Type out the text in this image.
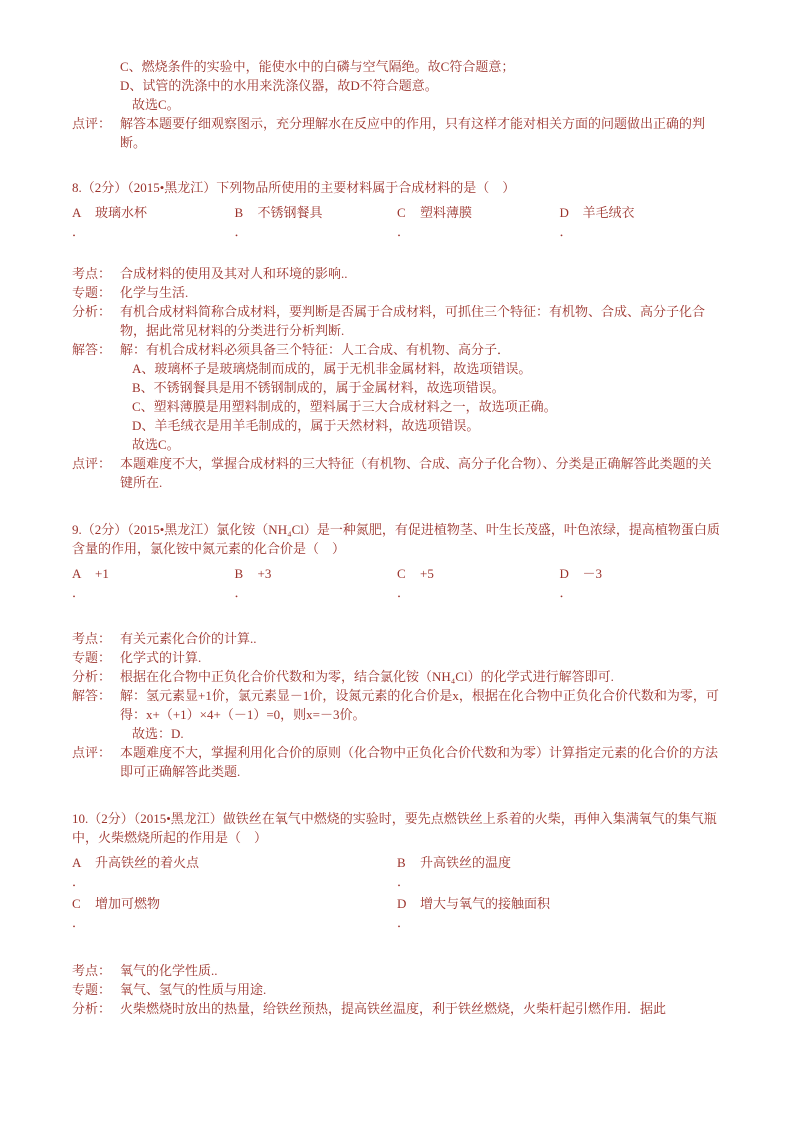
C、燃烧条件的实验中，能使水中的白磷与空气隔绝。故C符合题意；
D、试管的洗涤中的水用来洗涤仪器，故D不符合题意。
故选C。
点评： 解答本题要仔细观察图示，充分理解水在反应中的作用，只有这样才能对相关方面的问题做出正确的判断。
8.（2分）（2015•黑龙江）下列物品所使用的主要材料属于合成材料的是（　）
A 玻璃水杯
．
B 不锈钢餐具
．
C 塑料薄膜
．
D 羊毛绒衣
．
考点： 合成材料的使用及其对人和环境的影响..
专题： 化学与生活.
分析： 有机合成材料简称合成材料，要判断是否属于合成材料，可抓住三个特征：有机物、合成、高分子化合物，据此常见材料的分类进行分析判断.
解答： 解：有机合成材料必须具备三个特征：人工合成、有机物、高分子．
A、玻璃杯子是玻璃烧制而成的，属于无机非金属材料，故选项错误。
B、不锈钢餐具是用不锈钢制成的，属于金属材料，故选项错误。
C、塑料薄膜是用塑料制成的，塑料属于三大合成材料之一，故选项正确。
D、羊毛绒衣是用羊毛制成的，属于天然材料，故选项错误。
故选C。
点评： 本题难度不大，掌握合成材料的三大特征（有机物、合成、高分子化合物）、分类是正确解答此类题的关键所在.
9.（2分）（2015•黑龙江）氯化铵（NH₄Cl）是一种氮肥，有促进植物茎、叶生长茂盛，叶色浓绿，提高植物蛋白质含量的作用，氯化铵中氮元素的化合价是（　）
A +1
．
B +3
．
C +5
．
D －3
．
考点： 有关元素化合价的计算..
专题： 化学式的计算.
分析： 根据在化合物中正负化合价代数和为零，结合氯化铵（NH₄Cl）的化学式进行解答即可.
解答： 解：氢元素显+1价，氯元素显－1价，设氮元素的化合价是x，根据在化合物中正负化合价代数和为零，可得：x+（+1）×4+（－1）=0，则x=－3价。
故选：D.
点评： 本题难度不大，掌握利用化合价的原则（化合物中正负化合价代数和为零）计算指定元素的化合价的方法即可正确解答此类题.
10.（2分）（2015•黑龙江）做铁丝在氧气中燃烧的实验时，要先点燃铁丝上系着的火柴，再伸入集满氧气的集气瓶中，火柴燃烧所起的作用是（　）
A 升高铁丝的着火点
．
B 升高铁丝的温度
．
C 增加可燃物
．
D 增大与氧气的接触面积
．
考点： 氧气的化学性质..
专题： 氧气、氢气的性质与用途.
分析： 火柴燃烧时放出的热量，给铁丝预热，提高铁丝温度，利于铁丝燃烧，火柴杆起引燃作用．据此
